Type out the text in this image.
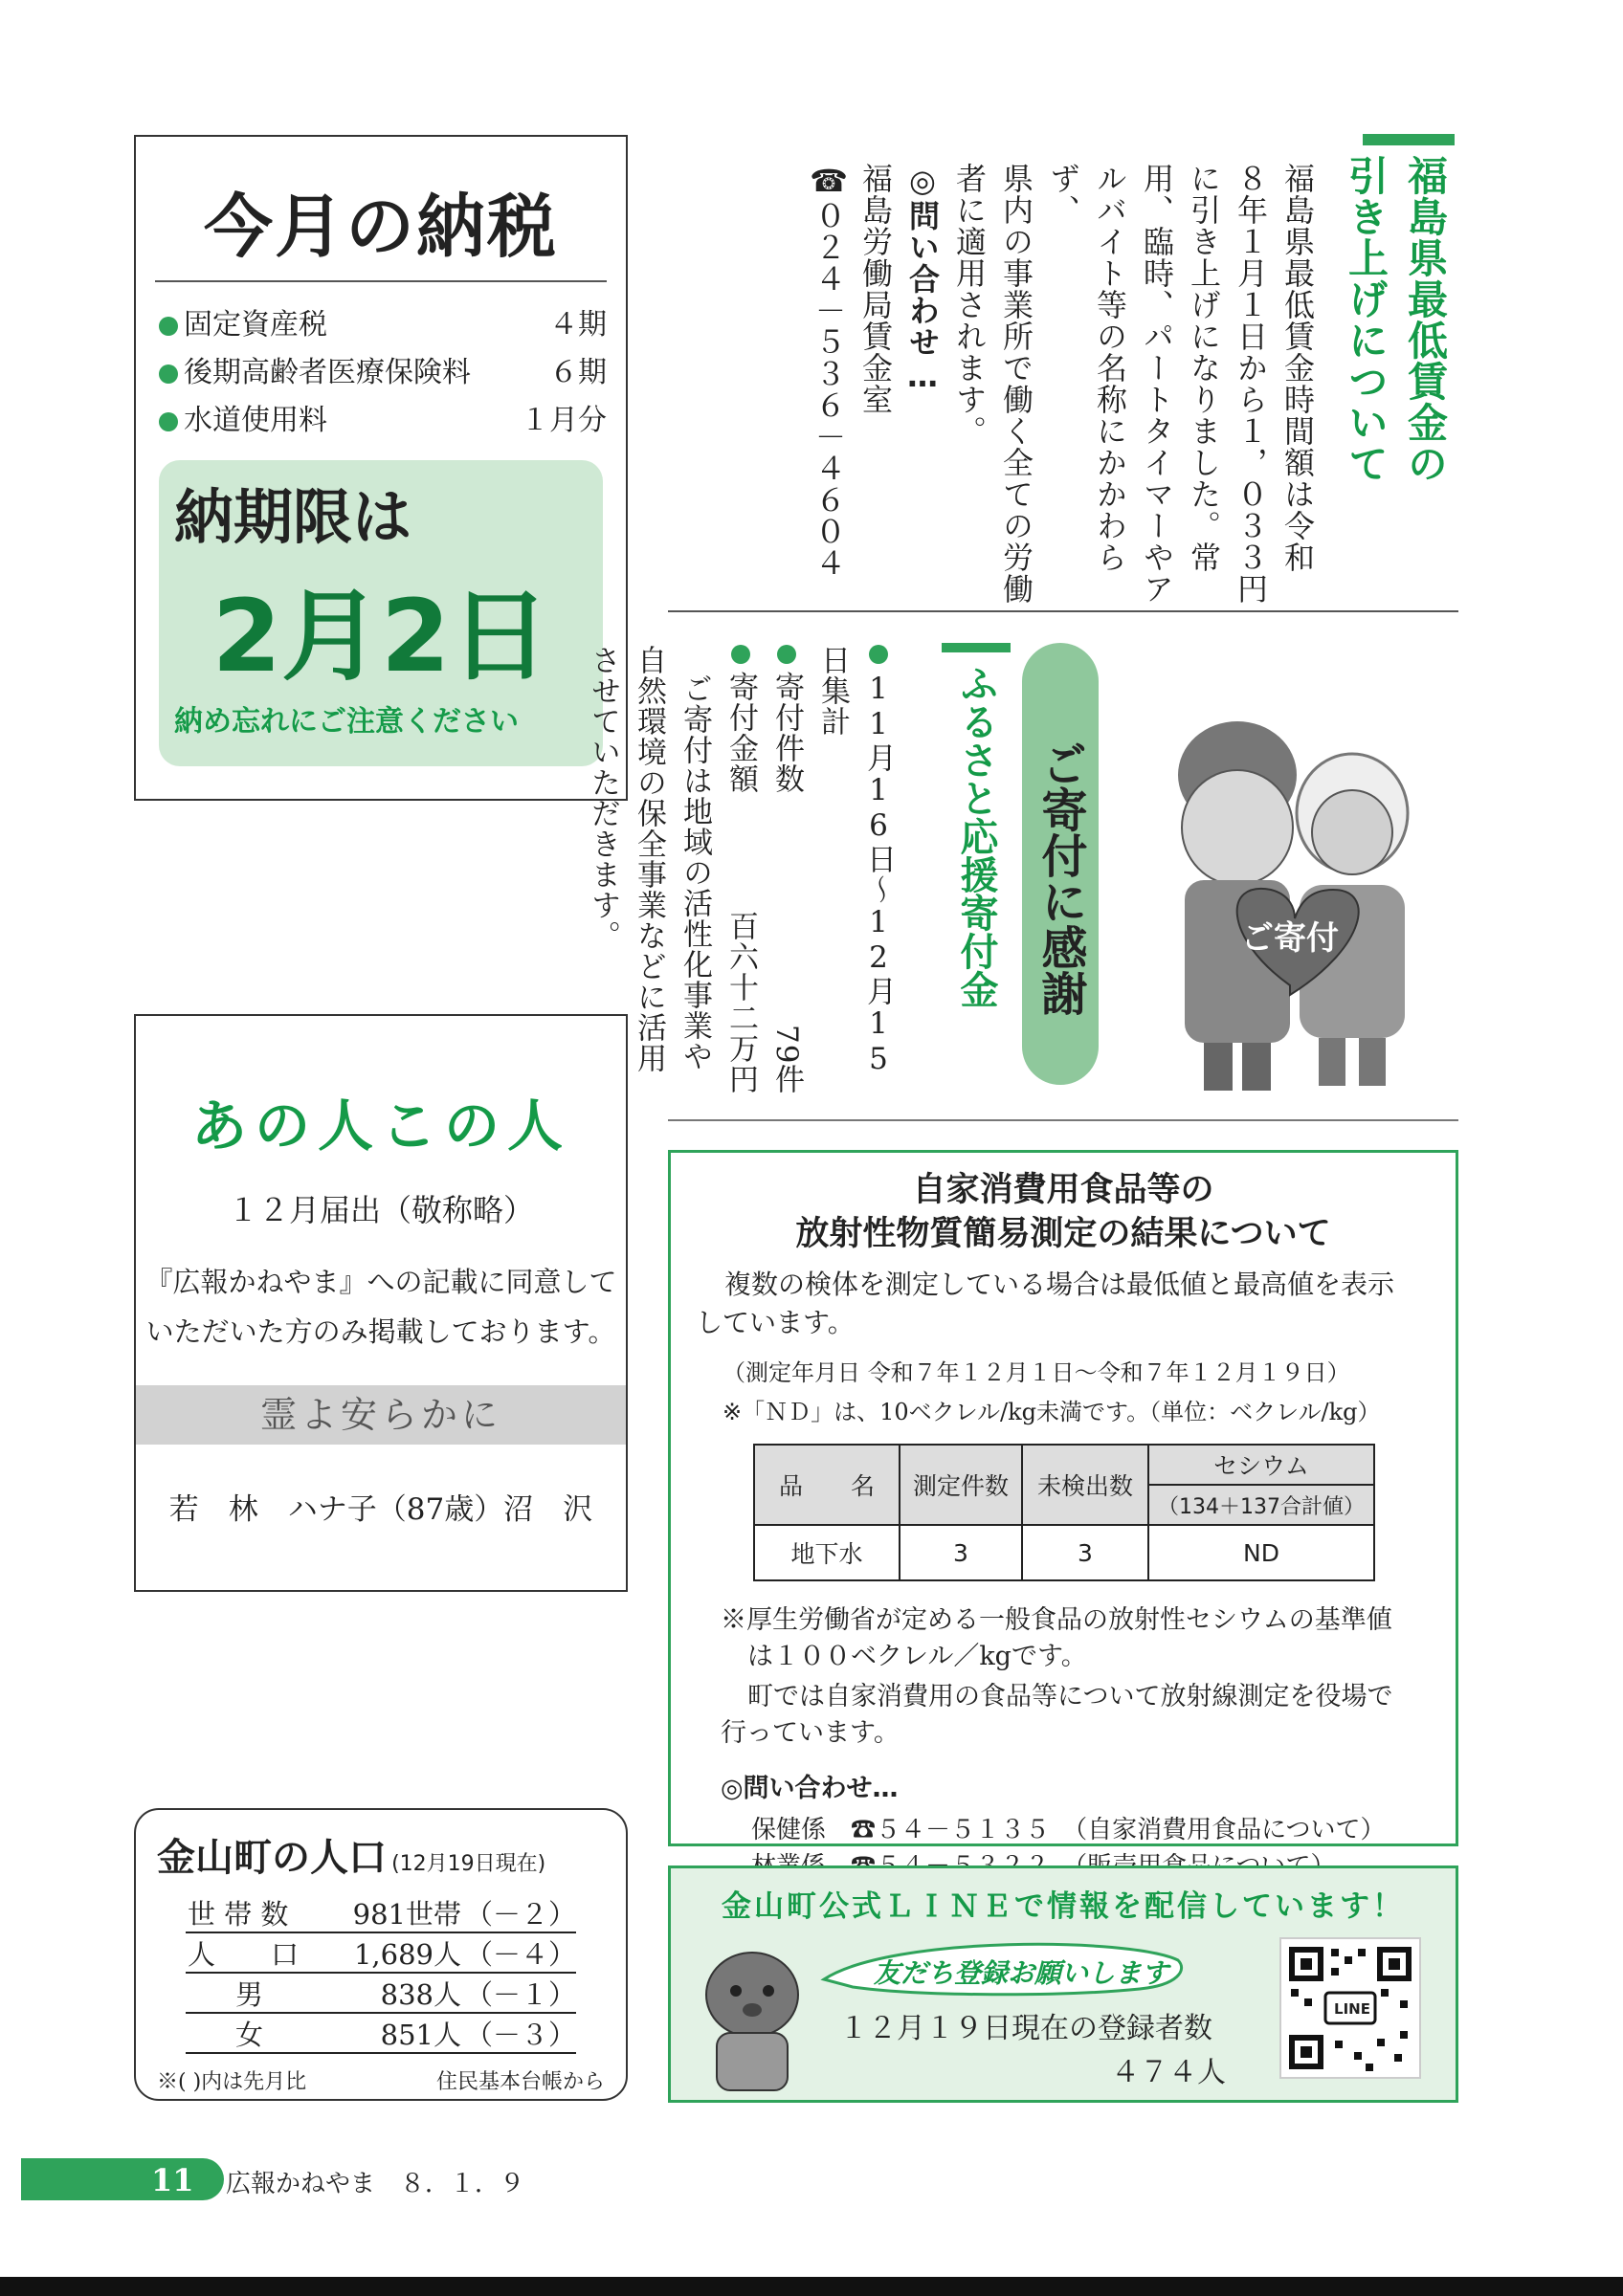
今月の納税
固定資産税	４期
後期高齢者医療保険料	６期
水道使用料	１月分
納期限は
2月2日
納め忘れにご注意ください
福島県最低賃金の
引き上げについて
福島県最低賃金時間額は令和
８年１月１日から１，０３３円
に引き上げになりました。常
用、臨時、パートタイマーやア
ルバイト等の名称にかかわらず、
県内の事業所で働く全ての労働
者に適用されます。
◎問い合わせ…
福島労働局賃金室
☎０２４－５３６－４６０４
ご寄付
ご寄付に感謝
ふるさと応援寄付金
11月16日～12月15日集計
寄付件数
79件
寄付金額
百六十二万円
ご寄付は地域の活性化事業や
自然環境の保全事業などに活用
させていただきます。
あの人この人
１２月届出（敬称略）
『広報かねやま』への記載に同意して
いただいた方のみ掲載しております。
霊よ安らかに
若　林　ハナ子（87歳）沼　沢
自家消費用食品等の
放射性物質簡易測定の結果について
複数の検体を測定している場合は最低値と最高値を表示
しています。
（測定年月日 令和７年１２月１日～令和７年１２月１９日）
※「ＮＤ」は、10ベクレル/kg未満です。（単位：ベクレル/kg）
品　　名	測定件数	未検出数	セシウム
			（134＋137合計値）
地下水	3	3	ND
※厚生労働省が定める一般食品の放射性セシウムの基準値
は１００ベクレル／kgです。
町では自家消費用の食品等について放射線測定を役場で
行っています。
◎問い合わせ…
保健係　 ☎５４－５１３５　 （自家消費用食品について）

金山町の人口 (12月19日現在)
世 帯 数	981世帯 （－２）
人　　口	1,689人 （－４）
男	838人 （－１）
女	851人 （－３）
※( )内は先月比	住民基本台帳から
金山町公式ＬＩＮＥで情報を配信しています！
友だち登録お願いします
１２月１９日現在の登録者数
４７４人
LINE
11 広報かねやま　８．１．９
